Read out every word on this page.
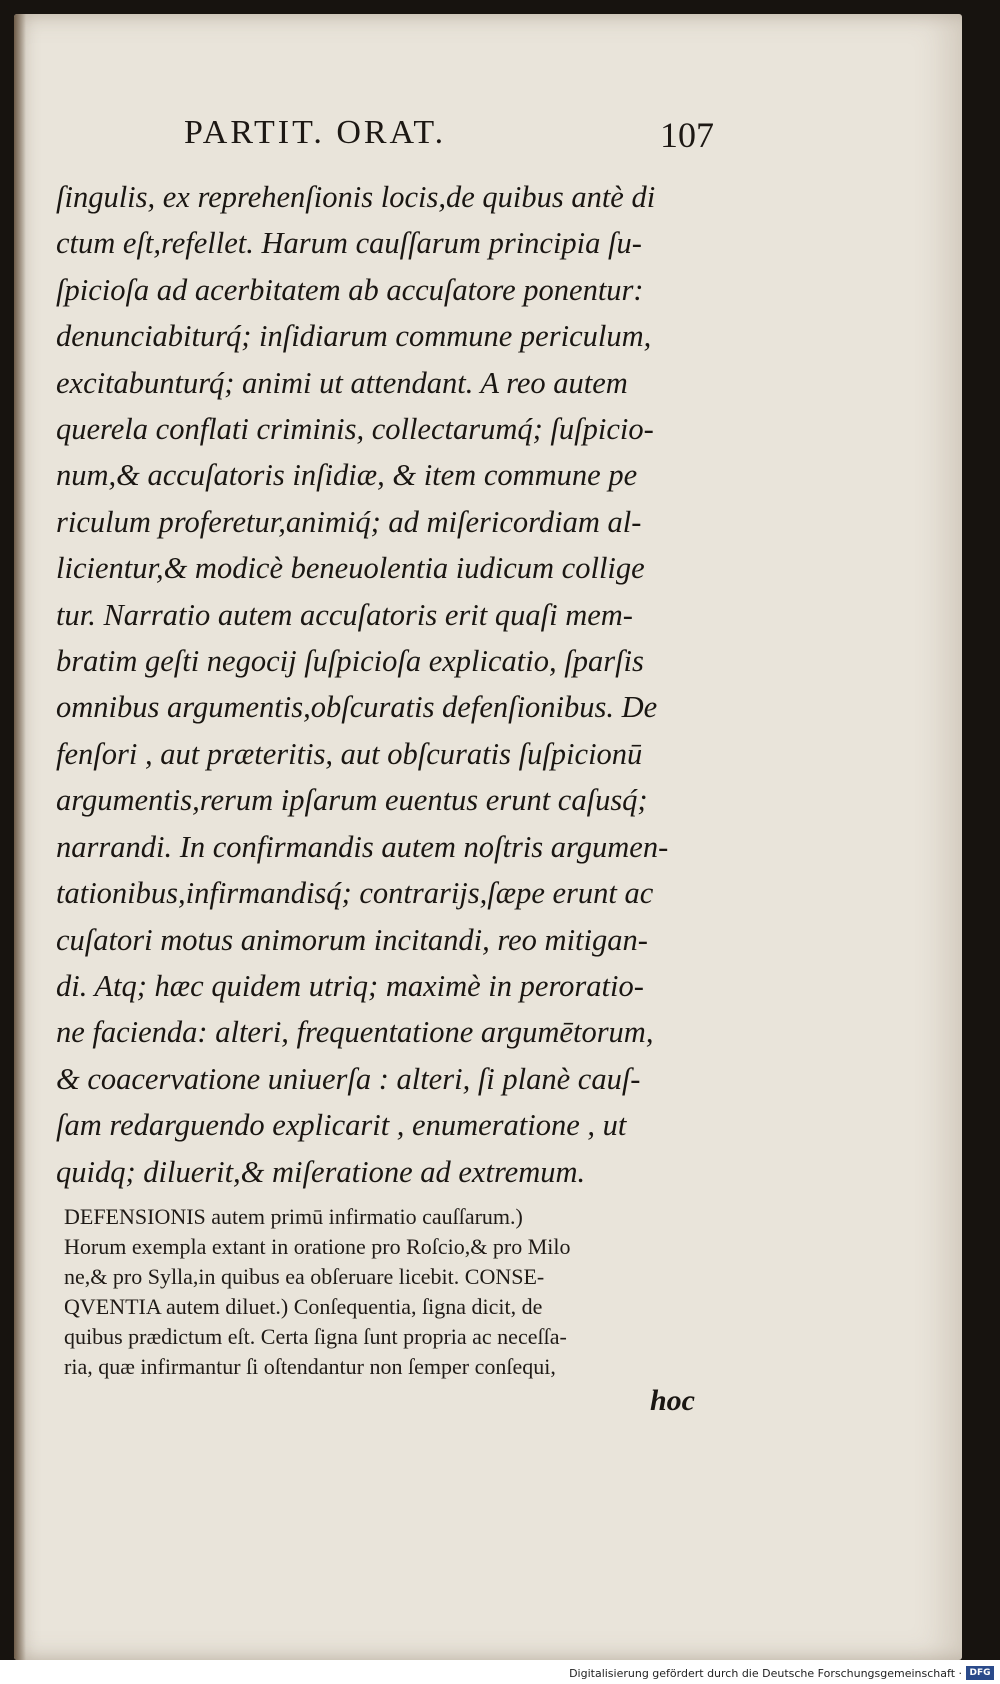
PARTIT. ORAT.	107
ſingulis, ex reprehenſionis locis,de quibus antè di
ctum eſt,refellet. Harum cauſſarum principia ſu-
ſpicioſa ad acerbitatem ab accuſatore ponentur:
denunciabiturq́; inſidiarum commune periculum,
excitabunturq́; animi ut attendant. A reo autem
querela conflati criminis, collectarumq́; ſuſpicio-
num,& accuſatoris inſidiæ, & item commune pe
riculum proferetur,animiq́; ad miſericordiam al-
licientur,& modicè beneuolentia iudicum collige
tur. Narratio autem accuſatoris erit quaſi mem-
bratim geſti negocij ſuſpicioſa explicatio, ſparſis
omnibus argumentis,obſcuratis defenſionibus. De
fenſori , aut præteritis, aut obſcuratis ſuſpicionū
argumentis,rerum ipſarum euentus erunt caſusq́;
narrandi. In confirmandis autem noſtris argumen-
tationibus,infirmandisq́; contrarijs,ſæpe erunt ac
cuſatori motus animorum incitandi, reo mitigan-
di. Atq; hæc quidem utriq; maximè in peroratio-
ne facienda: alteri, frequentatione argumētorum,
& coacervatione uniuerſa : alteri, ſi planè cauſ-
ſam redarguendo explicarit , enumeratione , ut
quidq; diluerit,& miſeratione ad extremum.
DEFENSIONIS autem primū infirmatio cauſſarum.)
Horum exempla extant in oratione pro Roſcio,& pro Milo
ne,& pro Sylla,in quibus ea obſeruare licebit. CONSE-
QVENTIA autem diluet.) Conſequentia, ſigna dicit, de
quibus prædictum eſt. Certa ſigna ſunt propria ac neceſſa-
ria, quæ infirmantur ſi oſtendantur non ſemper conſequi,
hoc
Digitalisierung gefördert durch die Deutsche Forschungsgemeinschaft · DFG
